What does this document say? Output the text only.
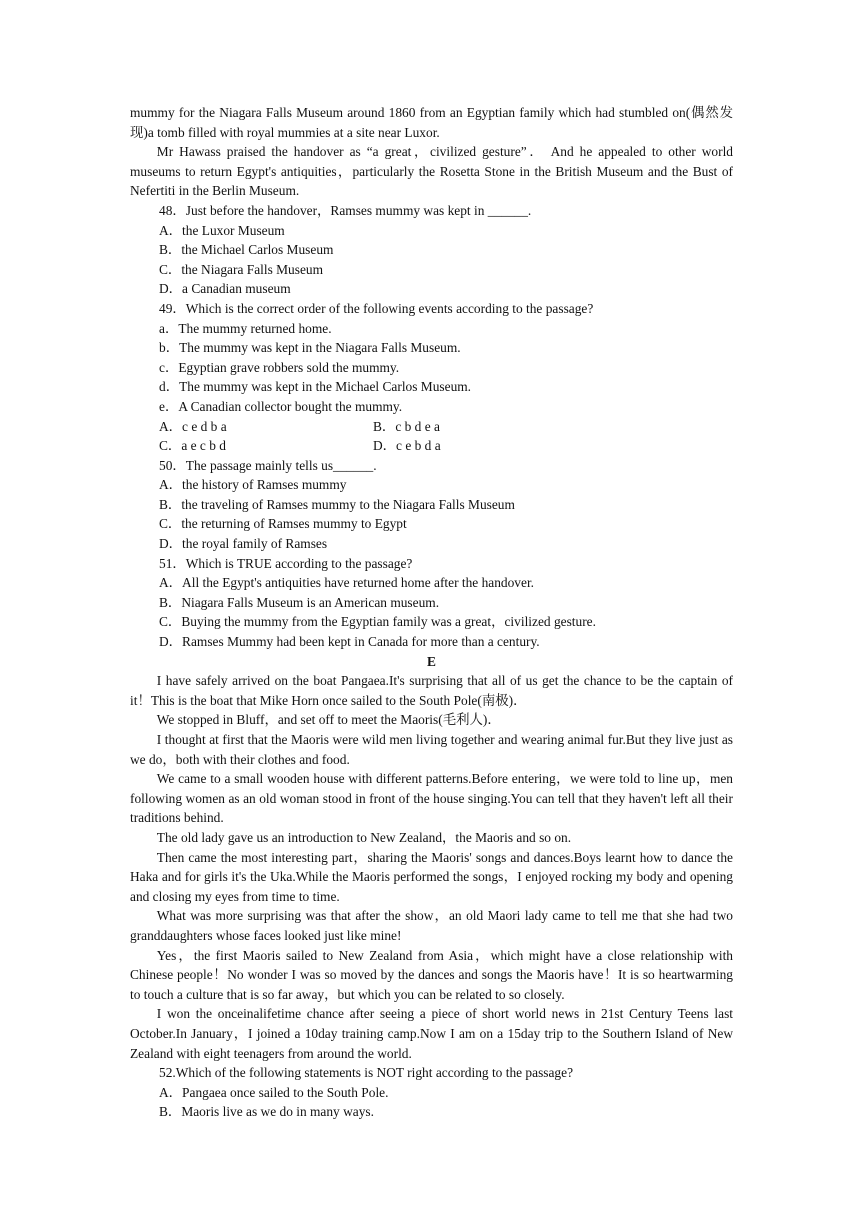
mummy for the Niagara Falls Museum around 1860 from an Egyptian family which had stumbled on(偶然发现)a tomb filled with royal mummies at a site near Luxor.

Mr Hawass praised the handover as “a great，civilized gesture”． And he appealed to other world museums to return Egypt's antiquities，particularly the Rosetta Stone in the British Museum and the Bust of Nefertiti in the Berlin Museum.

48．Just before the handover，Ramses mummy was kept in ______.

A．the Luxor Museum

B．the Michael Carlos Museum

C．the Niagara Falls Museum

D．a Canadian museum

49．Which is the correct order of the following events according to the passage?

a．The mummy returned home.

b．The mummy was kept in the Niagara Falls Museum.

c．Egyptian grave robbers sold the mummy.

d．The mummy was kept in the Michael Carlos Museum.

e．A Canadian collector bought the mummy.

A．c e d b a	B．c b d e a
C．a e c b d	D．c e b d a

50．The passage mainly tells us______.

A．the history of Ramses mummy

B．the traveling of Ramses mummy to the Niagara Falls Museum

C．the returning of Ramses mummy to Egypt

D．the royal family of Ramses

51．Which is TRUE according to the passage?

A．All the Egypt's antiquities have returned home after the handover.

B．Niagara Falls Museum is an American museum.

C．Buying the mummy from the Egyptian family was a great，civilized gesture.

D．Ramses Mummy had been kept in Canada for more than a century.

E

I have safely arrived on the boat Pangaea.It's surprising that all of us get the chance to be the captain of it！This is the boat that Mike Horn once sailed to the South Pole(南极)．

We stopped in Bluff，and set off to meet the Maoris(毛利人)．

I thought at first that the Maoris were wild men living together and wearing animal fur.But they live just as we do，both with their clothes and food.

We came to a small wooden house with different patterns.Before entering，we were told to line up，men following women as an old woman stood in front of the house singing.You can tell that they haven't left all their traditions behind.

The old lady gave us an introduction to New Zealand，the Maoris and so on.

Then came the most interesting part，sharing the Maoris' songs and dances.Boys learnt how to dance the Haka and for girls it's the Uka.While the Maoris performed the songs，I enjoyed rocking my body and opening and closing my eyes from time to time.

What was more surprising was that after the show，an old Maori lady came to tell me that she had two granddaughters whose faces looked just like mine!

Yes，the first Maoris sailed to New Zealand from Asia，which might have a close relationship with Chinese people！No wonder I was so moved by the dances and songs the Maoris have！It is so heartwarming to touch a culture that is so far away，but which you can be related to so closely.

I won the onceinalifetime chance after seeing a piece of short world news in 21st Century Teens last October.In January，I joined a 10day training camp.Now I am on a 15day trip to the Southern Island of New Zealand with eight teenagers from around the world.

52.Which of the following statements is NOT right according to the passage?

A．Pangaea once sailed to the South Pole.

B．Maoris live as we do in many ways.
